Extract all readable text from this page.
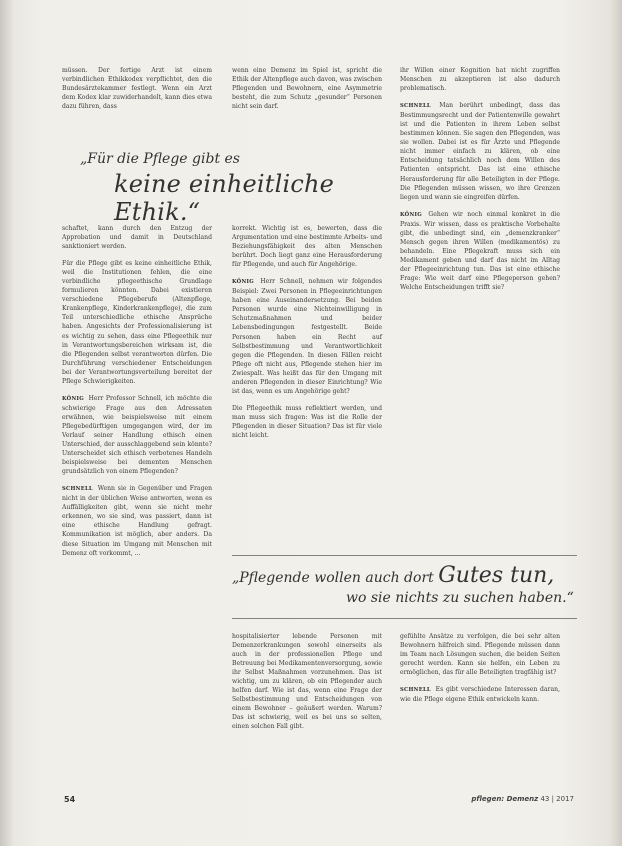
müssen. Der fertige Arzt ist einem verbindlichen Ethikkodex verpflichtet, den die Bundesärztekammer festlegt. Wenn ein Arzt dem Kodex klar zuwiderhandelt, kann dies etwa dazu führen, dass

„Für die Pflege gibt es
keine einheitliche Ethik.“

schaftet, kann durch den Entzug der Approbation und damit in Deutschland sanktioniert werden.

Für die Pflege gibt es keine einheitliche Ethik, weil die Institutionen fehlen, die eine verbindliche pflegeethische Grundlage formulieren könnten. Dabei existieren verschiedene Pflegeberufe (Altenpflege, Krankenpflege, Kinderkrankenpflege), die zum Teil unterschiedliche ethische Ansprüche haben. Angesichts der Professionalisierung ist es wichtig zu sehen, dass eine Pflegeethik nur in Verantwortungsbereichen wirksam ist, die die Pflegenden selbst verantworten dürfen. Die Durchführung verschiedener Entscheidungen bei der Verantwortungsverteilung bereitet der Pflege Schwierigkeiten.

KÖNIG Herr Professor Schnell, ich möchte die schwierige Frage aus den Adressaten erwähnen, wie beispielsweise mit einem Pflegebedürftigen umgegangen wird, der im Verlauf seiner Handlung ethisch einen Unterschied, der ausschlaggebend sein könnte? Unterscheidet sich ethisch verbotenes Handeln beispielsweise bei dementen Menschen grundsätzlich von einem Pflegenden?

SCHNELL Wenn sie in Gegenüber und Fragen nicht in der üblichen Weise antworten, wenn es Auffälligkeiten gibt, wenn sie nicht mehr erkennen, wo sie sind, was passiert, dann ist eine ethische Handlung gefragt. Kommunikation ist möglich, aber anders. Da diese Situation im Umgang mit Menschen mit Demenz oft vorkommt, ...

wenn eine Demenz im Spiel ist, spricht die Ethik der Altenpflege auch davon, was zwischen Pflegenden und Bewohnern, eine Asymmetrie besteht, die zum Schutz „gesunder“ Personen nicht sein darf.

korrekt. Wichtig ist es, bewerten, dass die Argumentation und eine bestimmte Arbeits- und Beziehungsfähigkeit des alten Menschen berührt. Doch liegt ganz eine Herausforderung für Pflegende, und auch für Angehörige.

KÖNIG Herr Schnell, nehmen wir folgendes Beispiel: Zwei Personen in Pflegeeinrichtungen haben eine Auseinandersetzung. Bei beiden Personen wurde eine Nichteinwilligung in Schutzmaßnahmen und beider Lebensbedingungen festgestellt. Beide Personen haben ein Recht auf Selbstbestimmung und Verantwortlichkeit gegen die Pflegenden. In diesen Fällen reicht Pflege oft nicht aus, Pflegende stehen hier im Zwiespalt. Was heißt das für den Umgang mit anderen Pflegenden in dieser Einrichtung? Wie ist das, wenn es um Angehörige geht?

Die Pflegeethik muss reflektiert werden, und man muss sich fragen: Was ist die Rolle der Pflegenden in dieser Situation? Das ist für viele nicht leicht.

„Pflegende wollen auch dort Gutes tun,
wo sie nichts zu suchen haben.“

hospitalisierter lebende Personen mit Demenzerkrankungen sowohl einerseits als auch in der professionellen Pflege und Betreuung bei Medikamentenversorgung, sowie ihr Selbst Maßnahmen vorzunehmen. Das ist wichtig, um zu klären, ob ein Pflegender auch helfen darf. Wie ist das, wenn eine Frage der Selbstbestimmung und Entscheidungen von einem Bewohner – geäußert werden. Warum? Das ist schwierig, weil es bei uns so selten, einen solchen Fall gibt.

ihr Willen einer Kognition hat nicht zugriffen Menschen zu akzeptieren ist also dadurch problematisch.

SCHNELL Man berührt unbedingt, dass das Bestimmungsrecht und der Patientenwille gewahrt ist und die Patienten in ihrem Leben selbst bestimmen können. Sie sagen den Pflegenden, was sie wollen. Dabei ist es für Ärzte und Pflegende nicht immer einfach zu klären, ob eine Entscheidung tatsächlich noch dem Willen des Patienten entspricht. Das ist eine ethische Herausforderung für alle Beteiligten in der Pflege. Die Pflegenden müssen wissen, wo ihre Grenzen liegen und wann sie eingreifen dürfen.

KÖNIG Gehen wir noch einmal konkret in die Praxis. Wir wissen, dass es praktische Vorbehalte gibt, die unbedingt sind, ein „demenzkranker“ Mensch gegen ihren Willen (medikamentös) zu behandeln. Eine Pflegekraft muss sich ein Medikament geben und darf das nicht im Alltag der Pflegeeinrichtung tun. Das ist eine ethische Frage: Wie weit darf eine Pflegeperson gehen? Welche Entscheidungen trifft sie?

gefühlte Ansätze zu verfolgen, die bei sehr alten Bewohnern hilfreich sind. Pflegende müssen dann im Team nach Lösungen suchen, die beiden Seiten gerecht werden. Kann sie helfen, ein Leben zu ermöglichen, das für alle Beteiligten tragfähig ist?

SCHNELL Es gibt verschiedene Interessen daran, wie die Pflege eigene Ethik entwickeln kann.

54	pflegen: Demenz 43 | 2017
